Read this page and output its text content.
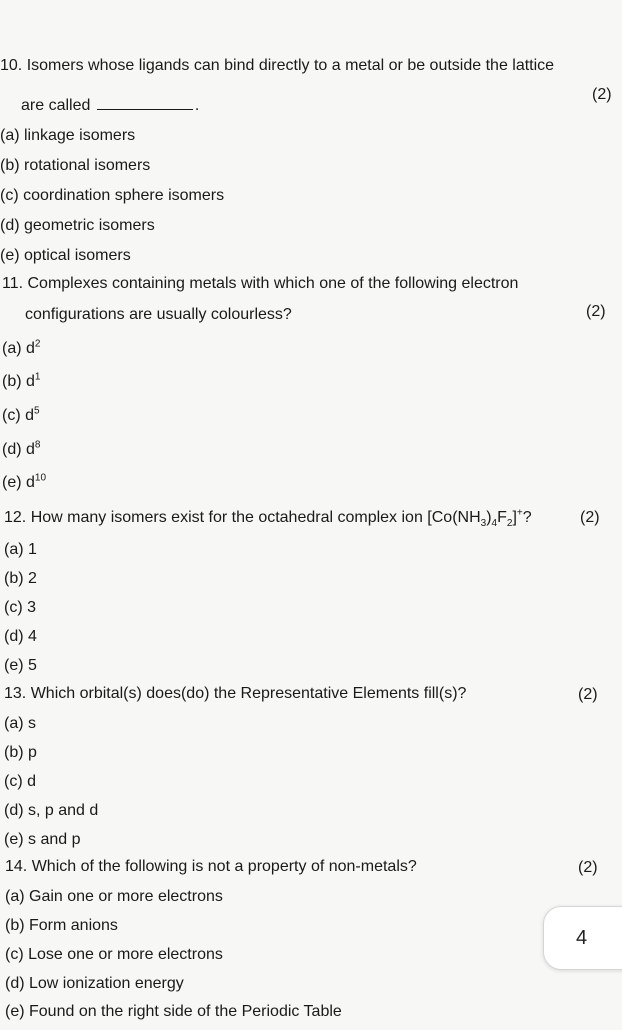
10. Isomers whose ligands can bind directly to a metal or be outside the lattice
are called	.
(2)
(a) linkage isomers
(b) rotational isomers
(c) coordination sphere isomers
(d) geometric isomers
(e) optical isomers
11. Complexes containing metals with which one of the following electron
configurations are usually colourless?	(2)
(a) $d^2$
(b) $d^1$
(c) $d^5$
(d) $d^8$
(e) $d^{10}$
12. How many isomers exist for the octahedral complex ion $[Co(NH_3)_4F_2]^+$?	(2)
(a) 1
(b) 2
(c) 3
(d) 4
(e) 5
13. Which orbital(s) does(do) the Representative Elements fill(s)?	(2)
(a) s
(b) p
(c) d
(d) s, p and d
(e) s and p
14. Which of the following is not a property of non-metals?	(2)
(a) Gain one or more electrons
(b) Form anions
(c) Lose one or more electrons
(d) Low ionization energy
(e) Found on the right side of the Periodic Table
4
